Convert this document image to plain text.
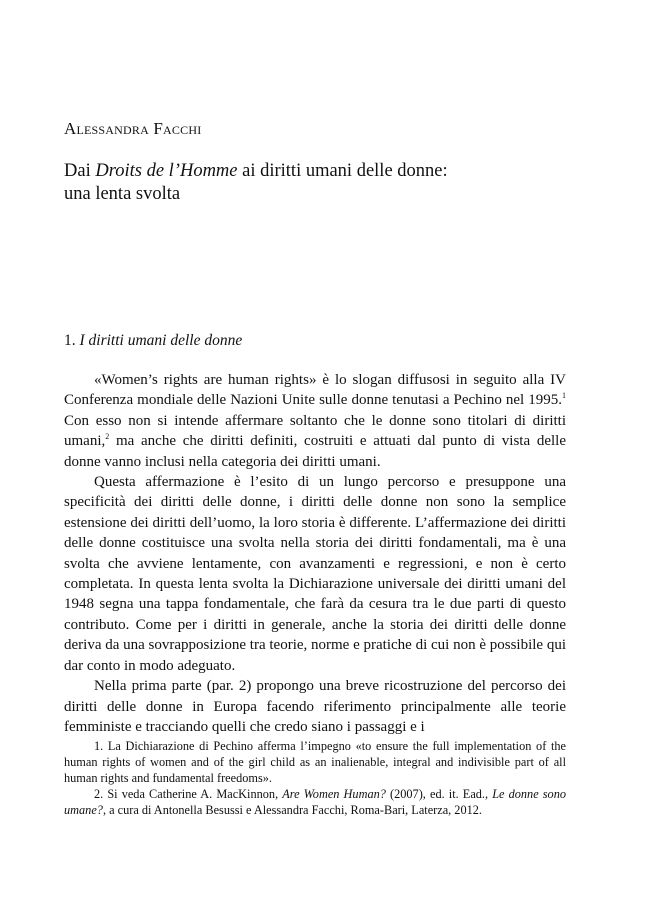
Alessandra Facchi
Dai Droits de l’Homme ai diritti umani delle donne:
una lenta svolta
1. I diritti umani delle donne

«Women’s rights are human rights» è lo slogan diffusosi in seguito alla IV Conferenza mondiale delle Nazioni Unite sulle donne tenutasi a Pechino nel 1995.$^1$ Con esso non si intende affermare soltanto che le donne sono titolari di diritti umani,$^2$ ma anche che diritti definiti, costruiti e attuati dal punto di vista delle donne vanno inclusi nella categoria dei diritti umani.

Questa affermazione è l’esito di un lungo percorso e presuppone una specificità dei diritti delle donne, i diritti delle donne non sono la semplice estensione dei diritti dell’uomo, la loro storia è differente. L’affermazione dei diritti delle donne costituisce una svolta nella storia dei diritti fondamentali, ma è una svolta che avviene lentamente, con avanzamenti e regressioni, e non è certo completata. In questa lenta svolta la Dichiarazione universale dei diritti umani del 1948 segna una tappa fondamentale, che farà da cesura tra le due parti di questo contributo. Come per i diritti in generale, anche la storia dei diritti delle donne deriva da una sovrapposizione tra teorie, norme e pratiche di cui non è possibile qui dar conto in modo adeguato.

Nella prima parte (par. 2) propongo una breve ricostruzione del percorso dei diritti delle donne in Europa facendo riferimento principalmente alle teorie femministe e tracciando quelli che credo siano i passaggi e i

1. La Dichiarazione di Pechino afferma l’impegno «to ensure the full implementation of the human rights of women and of the girl child as an inalienable, integral and indivisible part of all human rights and fundamental freedoms».

2. Si veda Catherine A. MacKinnon, Are Women Human? (2007), ed. it. Ead., Le donne sono umane?, a cura di Antonella Besussi e Alessandra Facchi, Roma-Bari, Laterza, 2012.
